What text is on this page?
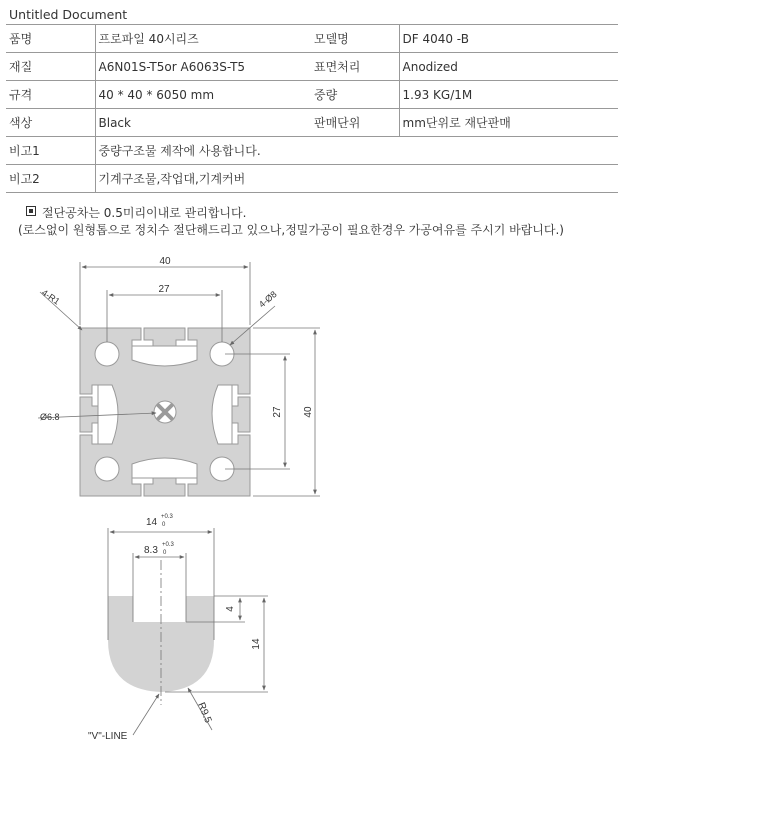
Untitled Document
품명	프로파일 40시리즈	모델명	DF 4040 -B
재질	A6N01S-T5or A6063S-T5	표면처리	Anodized
규격	40 * 40 * 6050 mm	중량	1.93 KG/1M
색상	Black	판매단위	mm단위로 재단판매
비고1	중량구조물 제작에 사용합니다.		
비고2	기계구조물,작업대,기계커버		
절단공차는 0.5미리이내로 관리합니다.
(로스없이 원형톱으로 정치수 절단해드리고 있으나,정밀가공이 필요한경우 가공여유를 주시기 바랍니다.)
40
27
4-R1	4-Ø8
Ø6.8	27 40
14 +0.3
0
8.3 +0.3
0
4
14
R9.5
"V"-LINE
